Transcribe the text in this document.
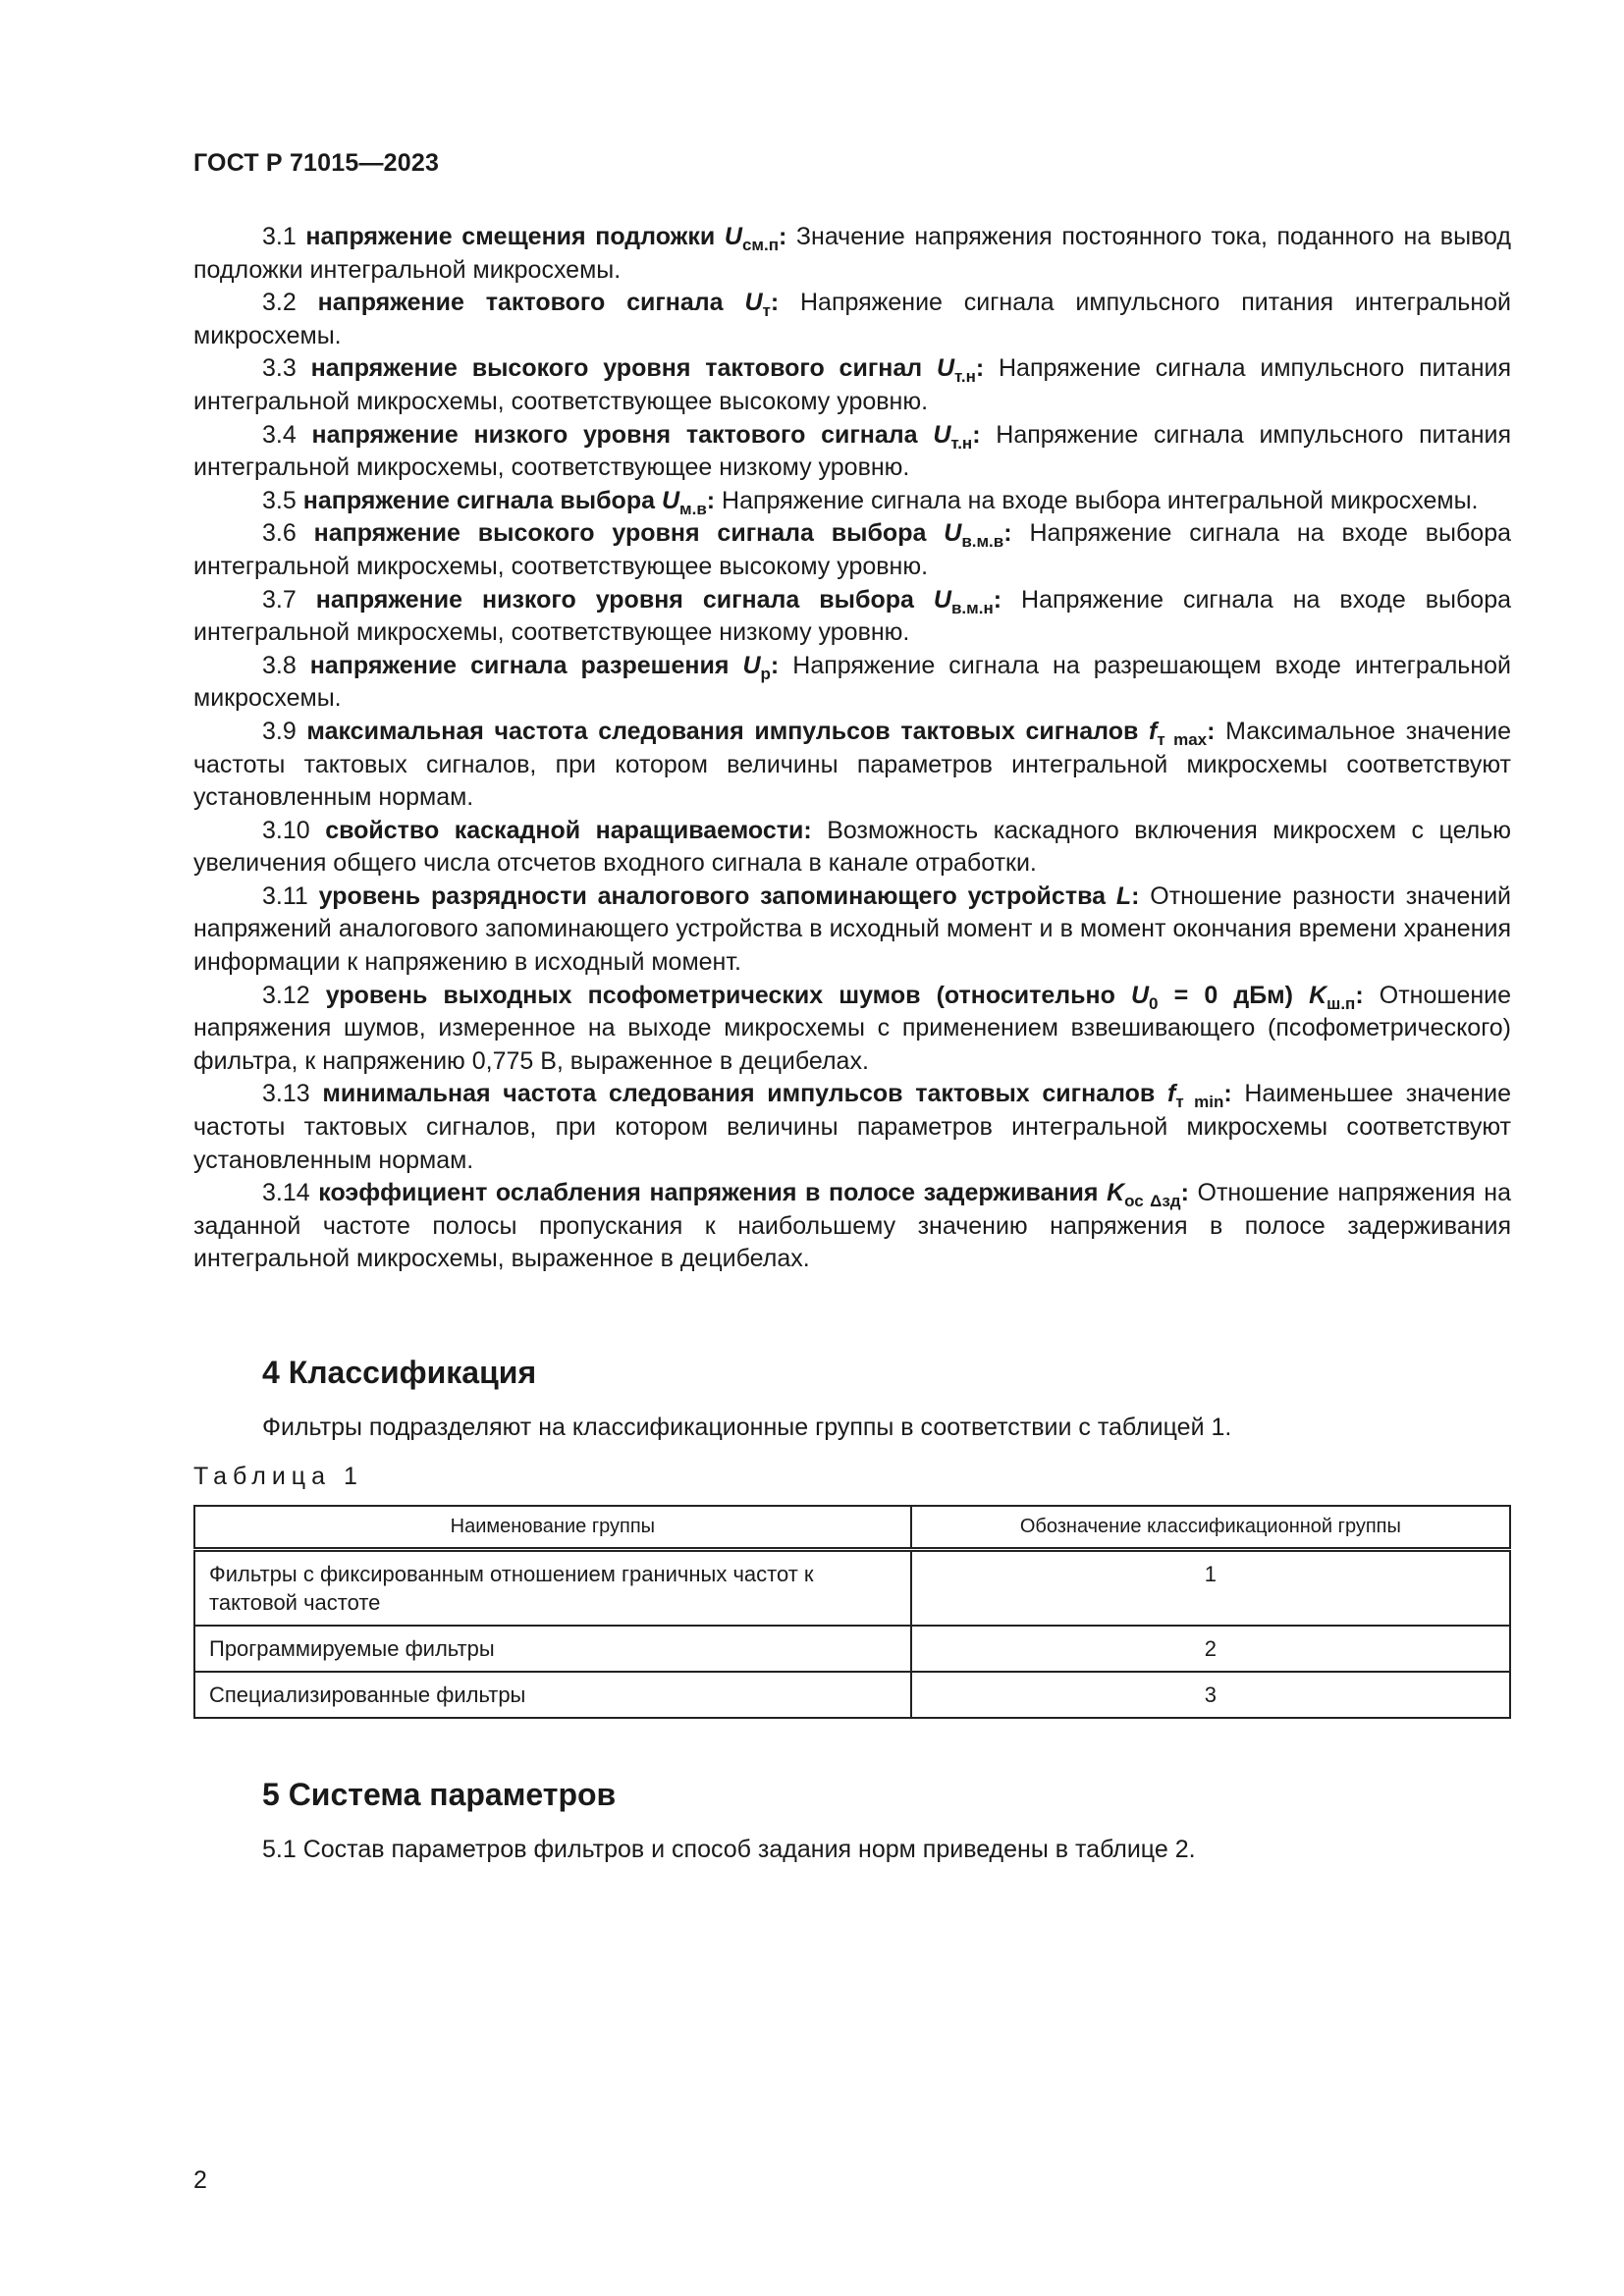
ГОСТ Р 71015—2023

3.1 напряжение смещения подложки $U_{см.п}$: Значение напряжения постоянного тока, поданного на вывод подложки интегральной микросхемы.

3.2 напряжение тактового сигнала $U_т$: Напряжение сигнала импульсного питания интегральной микросхемы.

3.3 напряжение высокого уровня тактового сигнал $U_{т.н}$: Напряжение сигнала импульсного питания интегральной микросхемы, соответствующее высокому уровню.

3.4 напряжение низкого уровня тактового сигнала $U_{т.н}$: Напряжение сигнала импульсного питания интегральной микросхемы, соответствующее низкому уровню.

3.5 напряжение сигнала выбора $U_{м.в}$: Напряжение сигнала на входе выбора интегральной микросхемы.

3.6 напряжение высокого уровня сигнала выбора $U_{в.м.в}$: Напряжение сигнала на входе выбора интегральной микросхемы, соответствующее высокому уровню.

3.7 напряжение низкого уровня сигнала выбора $U_{в.м.н}$: Напряжение сигнала на входе выбора интегральной микросхемы, соответствующее низкому уровню.

3.8 напряжение сигнала разрешения $U_р$: Напряжение сигнала на разрешающем входе интегральной микросхемы.

3.9 максимальная частота следования импульсов тактовых сигналов $f_{т max}$: Максимальное значение частоты тактовых сигналов, при котором величины параметров интегральной микросхемы соответствуют установленным нормам.

3.10 свойство каскадной наращиваемости: Возможность каскадного включения микросхем с целью увеличения общего числа отсчетов входного сигнала в канале отработки.

3.11 уровень разрядности аналогового запоминающего устройства L: Отношение разности значений напряжений аналогового запоминающего устройства в исходный момент и в момент окончания времени хранения информации к напряжению в исходный момент.

3.12 уровень выходных псофометрических шумов (относительно $U_0 = 0$ дБм) $K_{ш.п}$: Отношение напряжения шумов, измеренное на выходе микросхемы с применением взвешивающего (псофометрического) фильтра, к напряжению 0,775 В, выраженное в децибелах.

3.13 минимальная частота следования импульсов тактовых сигналов $f_{т min}$: Наименьшее значение частоты тактовых сигналов, при котором величины параметров интегральной микросхемы соответствуют установленным нормам.

3.14 коэффициент ослабления напряжения в полосе задерживания $K_{ос \Delta зд}$: Отношение напряжения на заданной частоте полосы пропускания к наибольшему значению напряжения в полосе задерживания интегральной микросхемы, выраженное в децибелах.

4 Классификация
Фильтры подразделяют на классификационные группы в соответствии с таблицей 1.
Таблица 1
Наименование группы	Обозначение классификационной группы
Фильтры с фиксированным отношением граничных частот к тактовой частоте	1
Программируемые фильтры	2
Специализированные фильтры	3
5 Система параметров
5.1 Состав параметров фильтров и способ задания норм приведены в таблице 2.
2
